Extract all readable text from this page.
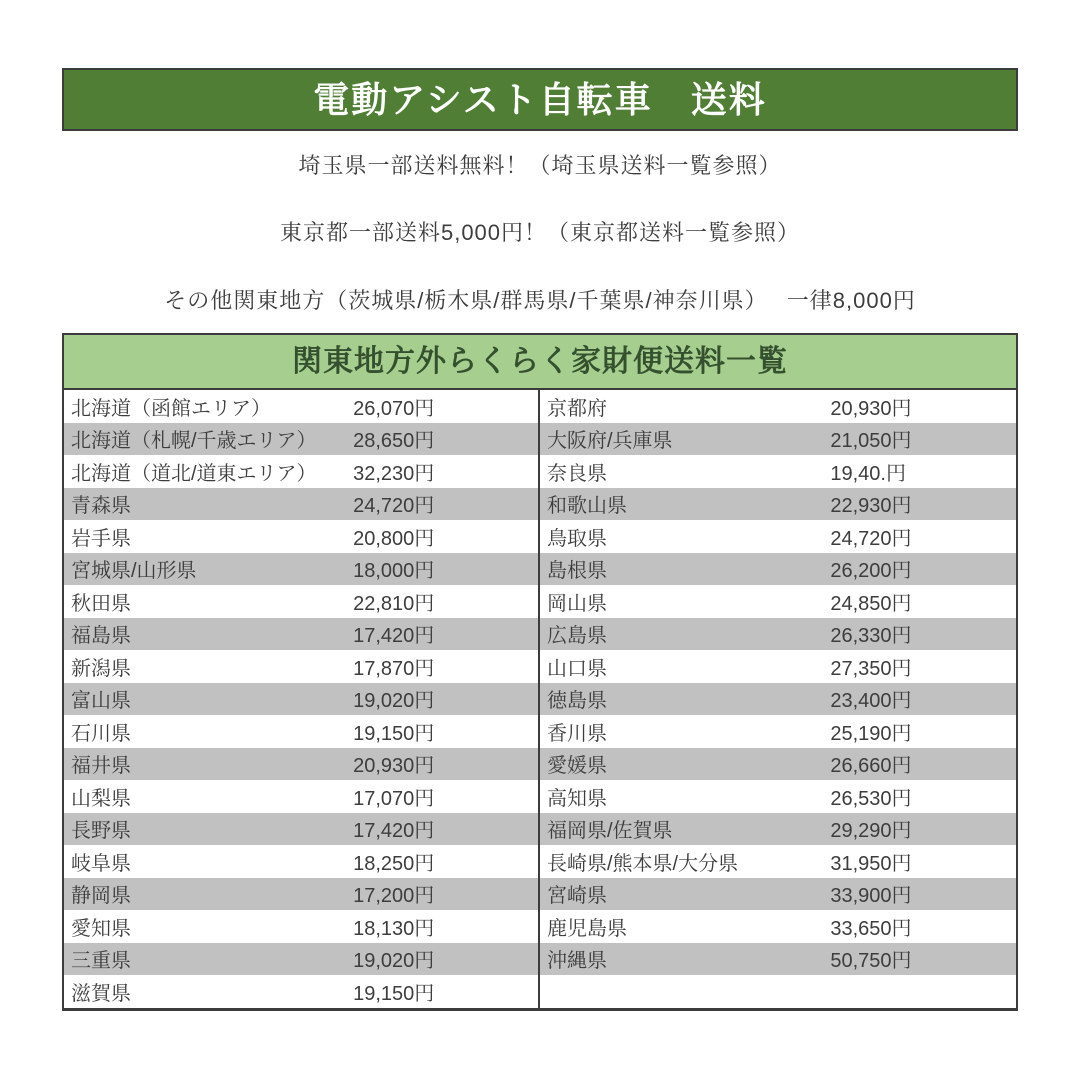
電動アシスト自転車　送料
埼玉県一部送料無料！（埼玉県送料一覧参照）
東京都一部送料5,000円！（東京都送料一覧参照）
その他関東地方（茨城県/栃木県/群馬県/千葉県/神奈川県）　 一律8,000円
関東地方外らくらく家財便送料一覧
北海道（函館エリア）	26,070円
北海道（札幌/千歳エリア）	28,650円
北海道（道北/道東エリア）	32,230円
青森県	24,720円
岩手県	20,800円
宮城県/山形県	18,000円
秋田県	22,810円
福島県	17,420円
新潟県	17,870円
富山県	19,020円
石川県	19,150円
福井県	20,930円
山梨県	17,070円
長野県	17,420円
岐阜県	18,250円
静岡県	17,200円
愛知県	18,130円
三重県	19,020円
滋賀県	19,150円
京都府	20,930円
大阪府/兵庫県	21,050円
奈良県	19,40.円
和歌山県	22,930円
鳥取県	24,720円
島根県	26,200円
岡山県	24,850円
広島県	26,330円
山口県	27,350円
徳島県	23,400円
香川県	25,190円
愛媛県	26,660円
高知県	26,530円
福岡県/佐賀県	29,290円
長崎県/熊本県/大分県	31,950円
宮崎県	33,900円
鹿児島県	33,650円
沖縄県	50,750円
